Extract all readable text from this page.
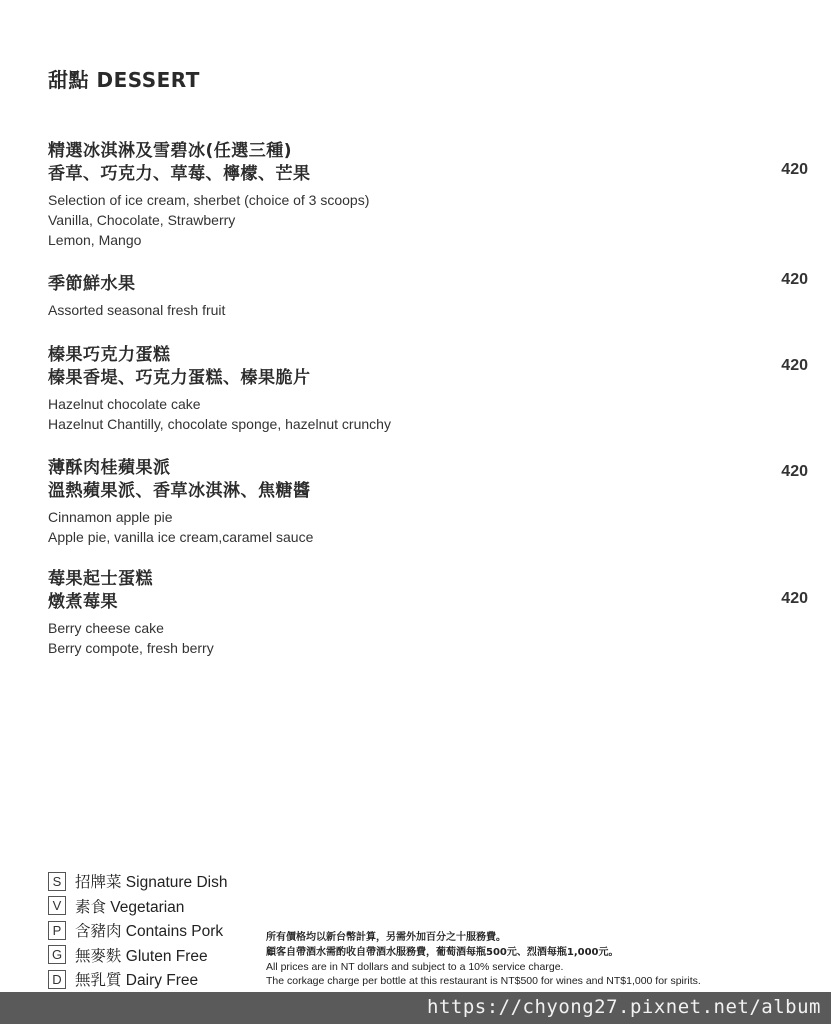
甜點 DESSERT
精選冰淇淋及雪碧冰(任選三種)
香草、巧克力、草莓、檸檬、芒果
Selection of ice cream, sherbet (choice of 3 scoops)
Vanilla, Chocolate, Strawberry
Lemon, Mango
420
季節鮮水果
Assorted seasonal fresh fruit
420
榛果巧克力蛋糕
榛果香堤、巧克力蛋糕、榛果脆片
Hazelnut chocolate cake
Hazelnut Chantilly, chocolate sponge, hazelnut crunchy
420
薄酥肉桂蘋果派
溫熱蘋果派、香草冰淇淋、焦糖醬
Cinnamon apple pie
Apple pie, vanilla ice cream,caramel sauce
420
莓果起士蛋糕
燉煮莓果
Berry cheese cake
Berry compote, fresh berry
420
S 招牌菜 Signature Dish
V 素食 Vegetarian
P 含豬肉 Contains Pork
G 無麥麩 Gluten Free
D 無乳質 Dairy Free
所有價格均以新台幣計算，另需外加百分之十服務費。
顧客自帶酒水需酌收自帶酒水服務費，葡萄酒每瓶500元、烈酒每瓶1,000元。
All prices are in NT dollars and subject to a 10% service charge.
The corkage charge per bottle at this restaurant is NT$500 for wines and NT$1,000 for spirits.
https://chyong27.pixnet.net/album
